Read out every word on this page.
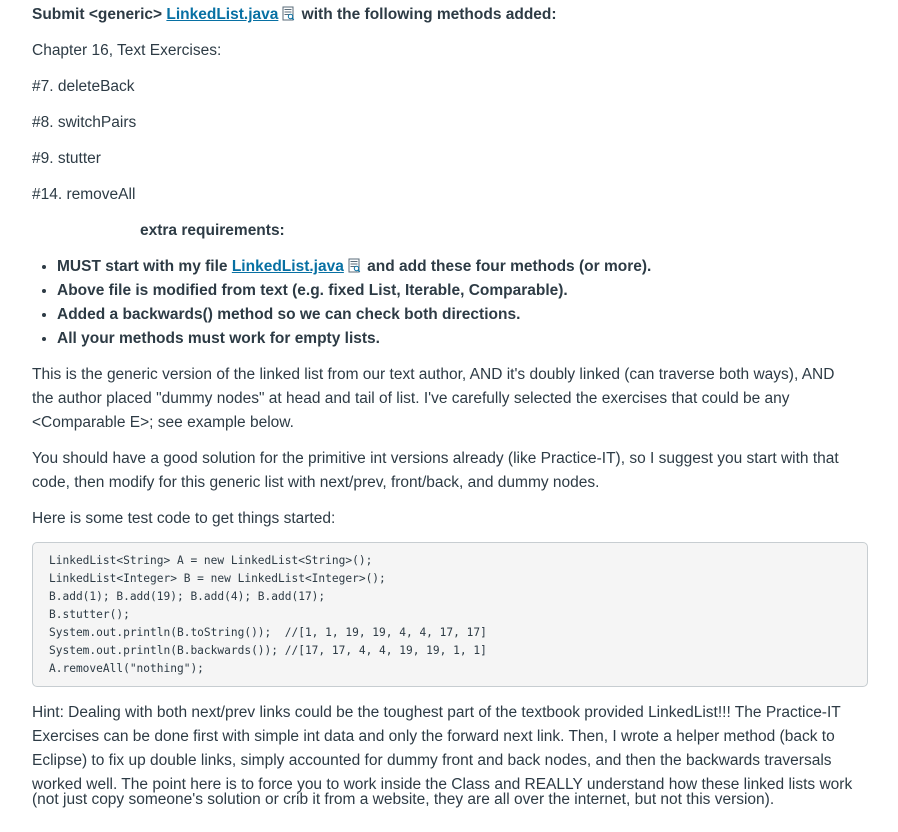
Submit <generic> LinkedList.java
with the following methods added:
Chapter 16, Text Exercises:
#7. deleteBack
#8. switchPairs
#9. stutter
#14. removeAll
extra requirements:
• MUST start with my file LinkedList.java
and add these four methods (or more).
• Above file is modified from text (e.g. fixed List, Iterable, Comparable).
• Added a backwards() method so we can check both directions.
• All your methods must work for empty lists.
This is the generic version of the linked list from our text author, AND it's doubly linked (can traverse both ways), AND
the author placed "dummy nodes" at head and tail of list. I've carefully selected the exercises that could be any
<Comparable E>; see example below.
You should have a good solution for the primitive int versions already (like Practice-IT), so I suggest you start with that
code, then modify for this generic list with next/prev, front/back, and dummy nodes.
Here is some test code to get things started:
LinkedList<String> A = new LinkedList<String>();
LinkedList<Integer> B = new LinkedList<Integer>();
B.add(1); B.add(19); B.add(4); B.add(17);
B.stutter();
System.out.println(B.toString());  //[1, 1, 19, 19, 4, 4, 17, 17]
System.out.println(B.backwards()); //[17, 17, 4, 4, 19, 19, 1, 1]
A.removeAll("nothing");
Hint: Dealing with both next/prev links could be the toughest part of the textbook provided LinkedList!!! The Practice-IT
Exercises can be done first with simple int data and only the forward next link. Then, I wrote a helper method (back to
Eclipse) to fix up double links, simply accounted for dummy front and back nodes, and then the backwards traversals
worked well. The point here is to force you to work inside the Class and REALLY understand how these linked lists work
(not just copy someone's solution or crib it from a website, they are all over the internet, but not this version).
